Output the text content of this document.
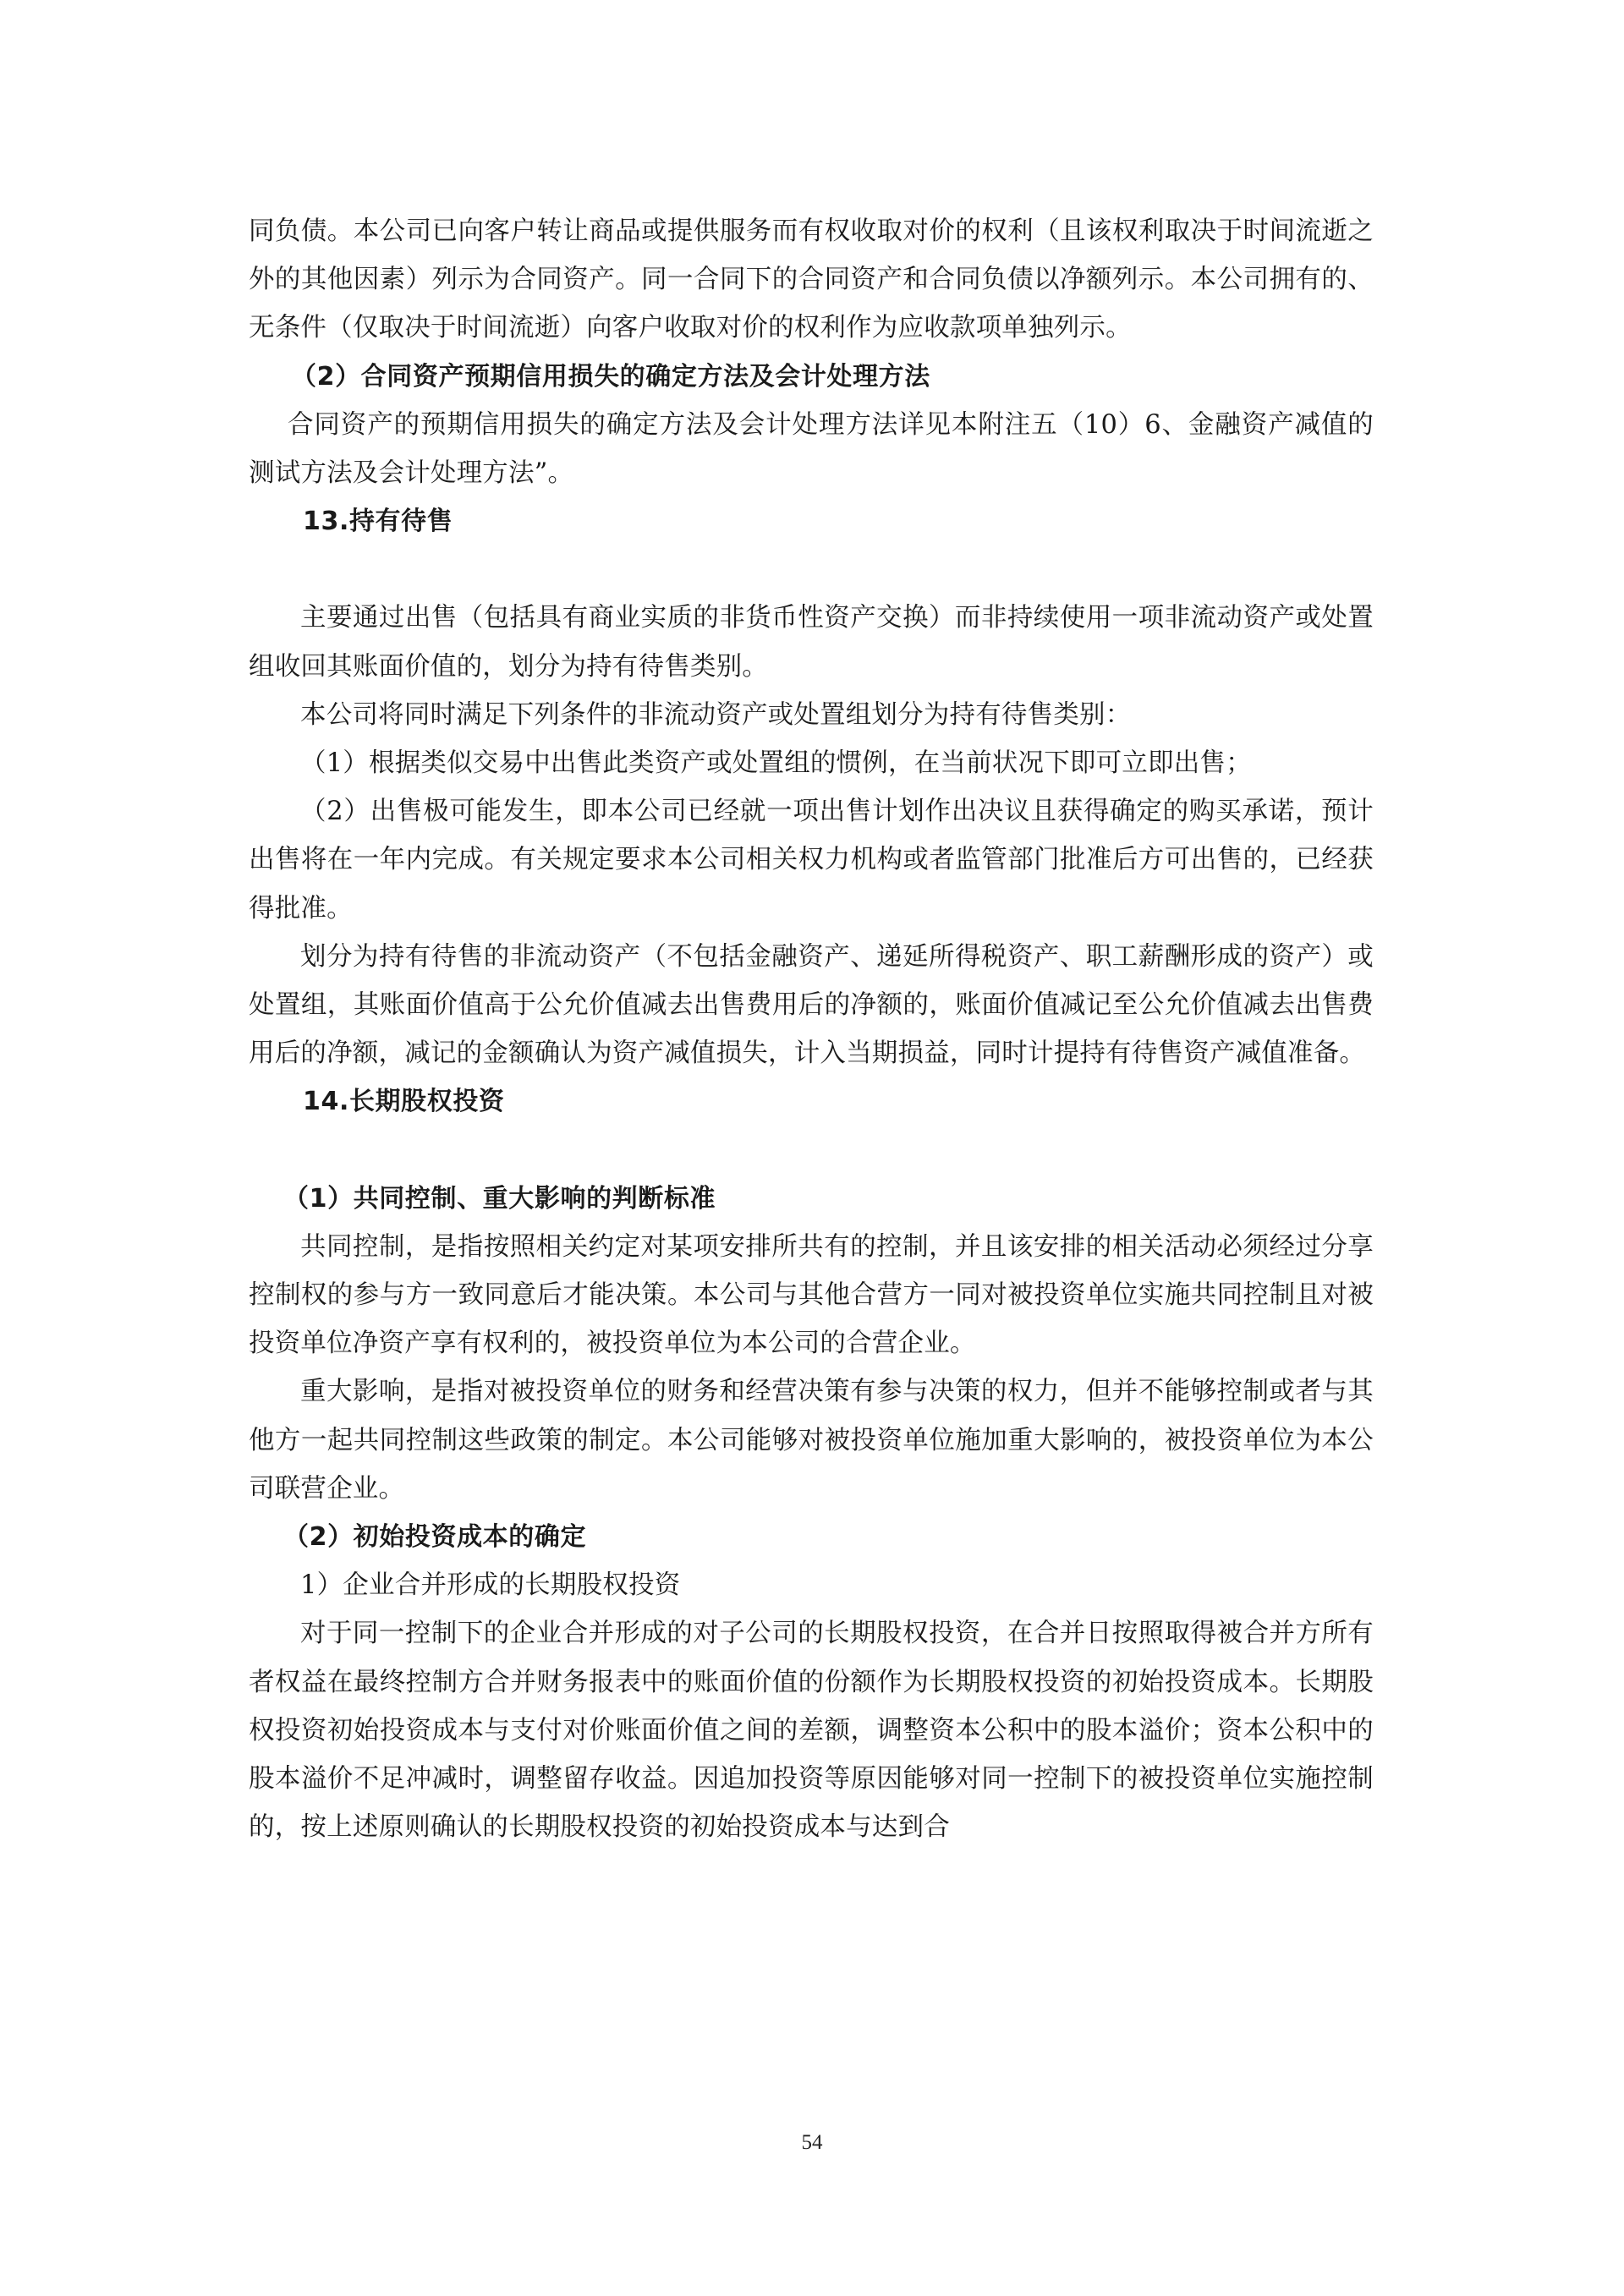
同负债。本公司已向客户转让商品或提供服务而有权收取对价的权利（且该权利取决于时间流逝之外的其他因素）列示为合同资产。同一合同下的合同资产和合同负债以净额列示。本公司拥有的、无条件（仅取决于时间流逝）向客户收取对价的权利作为应收款项单独列示。

（2）合同资产预期信用损失的确定方法及会计处理方法

合同资产的预期信用损失的确定方法及会计处理方法详见本附注五（10）6、金融资产减值的测试方法及会计处理方法”。

13.持有待售

主要通过出售（包括具有商业实质的非货币性资产交换）而非持续使用一项非流动资产或处置组收回其账面价值的，划分为持有待售类别。

本公司将同时满足下列条件的非流动资产或处置组划分为持有待售类别：

（1）根据类似交易中出售此类资产或处置组的惯例，在当前状况下即可立即出售；

（2）出售极可能发生，即本公司已经就一项出售计划作出决议且获得确定的购买承诺，预计出售将在一年内完成。有关规定要求本公司相关权力机构或者监管部门批准后方可出售的，已经获得批准。

划分为持有待售的非流动资产（不包括金融资产、递延所得税资产、职工薪酬形成的资产）或处置组，其账面价值高于公允价值减去出售费用后的净额的，账面价值减记至公允价值减去出售费用后的净额，减记的金额确认为资产减值损失，计入当期损益，同时计提持有待售资产减值准备。

14.长期股权投资
（1）共同控制、重大影响的判断标准

共同控制，是指按照相关约定对某项安排所共有的控制，并且该安排的相关活动必须经过分享控制权的参与方一致同意后才能决策。本公司与其他合营方一同对被投资单位实施共同控制且对被投资单位净资产享有权利的，被投资单位为本公司的合营企业。

重大影响，是指对被投资单位的财务和经营决策有参与决策的权力，但并不能够控制或者与其他方一起共同控制这些政策的制定。本公司能够对被投资单位施加重大影响的，被投资单位为本公司联营企业。

（2）初始投资成本的确定

1）企业合并形成的长期股权投资

对于同一控制下的企业合并形成的对子公司的长期股权投资，在合并日按照取得被合并方所有者权益在最终控制方合并财务报表中的账面价值的份额作为长期股权投资的初始投资成本。长期股权投资初始投资成本与支付对价账面价值之间的差额，调整资本公积中的股本溢价；资本公积中的股本溢价不足冲减时，调整留存收益。因追加投资等原因能够对同一控制下的被投资单位实施控制的，按上述原则确认的长期股权投资的初始投资成本与达到合

54
